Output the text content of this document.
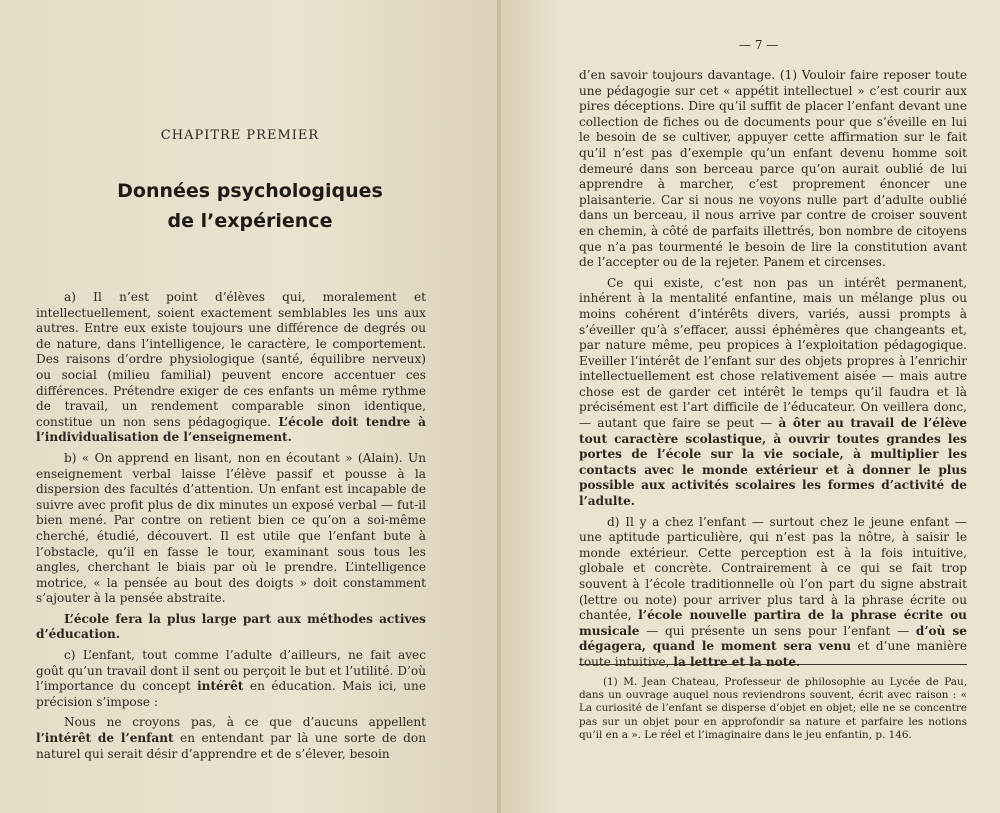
CHAPITRE PREMIER
Données psychologiques
de l’expérience

a) Il n’est point d’élèves qui, moralement et intellectuellement, soient exactement semblables les uns aux autres. Entre eux existe toujours une différence de degrés ou de nature, dans l’intelligence, le caractère, le comportement. Des raisons d’ordre physiologique (santé, équilibre nerveux) ou social (milieu familial) peuvent encore accentuer ces différences. Prétendre exiger de ces enfants un même rythme de travail, un rendement comparable sinon identique, constitue un non sens pédagogique. L’école doit tendre à l’individualisation de l’enseignement.

b) « On apprend en lisant, non en écoutant » (Alain). Un enseignement verbal laisse l’élève passif et pousse à la dispersion des facultés d’attention. Un enfant est incapable de suivre avec profit plus de dix minutes un exposé verbal — fut-il bien mené. Par contre on retient bien ce qu’on a soi-même cherché, étudié, découvert. Il est utile que l’enfant bute à l’obstacle, qu’il en fasse le tour, examinant sous tous les angles, cherchant le biais par où le prendre. L’intelligence motrice, « la pensée au bout des doigts » doit constamment s’ajouter à la pensée abstraite.

L’école fera la plus large part aux méthodes actives d’éducation.

c) L’enfant, tout comme l’adulte d’ailleurs, ne fait avec goût qu’un travail dont il sent ou perçoit le but et l’utilité. D’où l’importance du concept intérêt en éducation. Mais ici, une précision s’impose :

Nous ne croyons pas, à ce que d’aucuns appellent l’intérêt de l’enfant en entendant par là une sorte de don naturel qui serait désir d’apprendre et de s’élever, besoin

— 7 —

d’en savoir toujours davantage. (1) Vouloir faire reposer toute une pédagogie sur cet « appétit intellectuel » c’est courir aux pires déceptions. Dire qu’il suffit de placer l’enfant devant une collection de fiches ou de documents pour que s’éveille en lui le besoin de se cultiver, appuyer cette affirmation sur le fait qu’il n’est pas d’exemple qu’un enfant devenu homme soit demeuré dans son berceau parce qu’on aurait oublié de lui apprendre à marcher, c’est proprement énoncer une plaisanterie. Car si nous ne voyons nulle part d’adulte oublié dans un berceau, il nous arrive par contre de croiser souvent en chemin, à côté de parfaits illettrés, bon nombre de citoyens que n’a pas tourmenté le besoin de lire la constitution avant de l’accepter ou de la rejeter. Panem et circenses.

Ce qui existe, c’est non pas un intérêt permanent, inhérent à la mentalité enfantine, mais un mélange plus ou moins cohérent d’intérêts divers, variés, aussi prompts à s’éveiller qu’à s’effacer, aussi éphémères que changeants et, par nature même, peu propices à l’exploitation pédagogique. Eveiller l’intérêt de l’enfant sur des objets propres à l’enrichir intellectuellement est chose relativement aisée — mais autre chose est de garder cet intérêt le temps qu’il faudra et là précisément est l’art difficile de l’éducateur. On veillera donc, — autant que faire se peut — à ôter au travail de l’élève tout caractère scolastique, à ouvrir toutes grandes les portes de l’école sur la vie sociale, à multiplier les contacts avec le monde extérieur et à donner le plus possible aux activités scolaires les formes d’activité de l’adulte.

d) Il y a chez l’enfant — surtout chez le jeune enfant — une aptitude particulière, qui n’est pas la nôtre, à saisir le monde extérieur. Cette perception est à la fois intuitive, globale et concrète. Contrairement à ce qui se fait trop souvent à l’école traditionnelle où l’on part du signe abstrait (lettre ou note) pour arriver plus tard à la phrase écrite ou chantée, l’école nouvelle partira de la phrase écrite ou musicale — qui présente un sens pour l’enfant — d’où se dégagera, quand le moment sera venu et d’une manière toute intuitive, la lettre et la note.

(1) M. Jean Chateau, Professeur de philosophie au Lycée de Pau, dans un ouvrage auquel nous reviendrons souvent, écrit avec raison : « La curiosité de l’enfant se disperse d’objet en objet; elle ne se concentre pas sur un objet pour en approfondir sa nature et parfaire les notions qu’il en a ». Le réel et l’imaginaire dans le jeu enfantin, p. 146.
